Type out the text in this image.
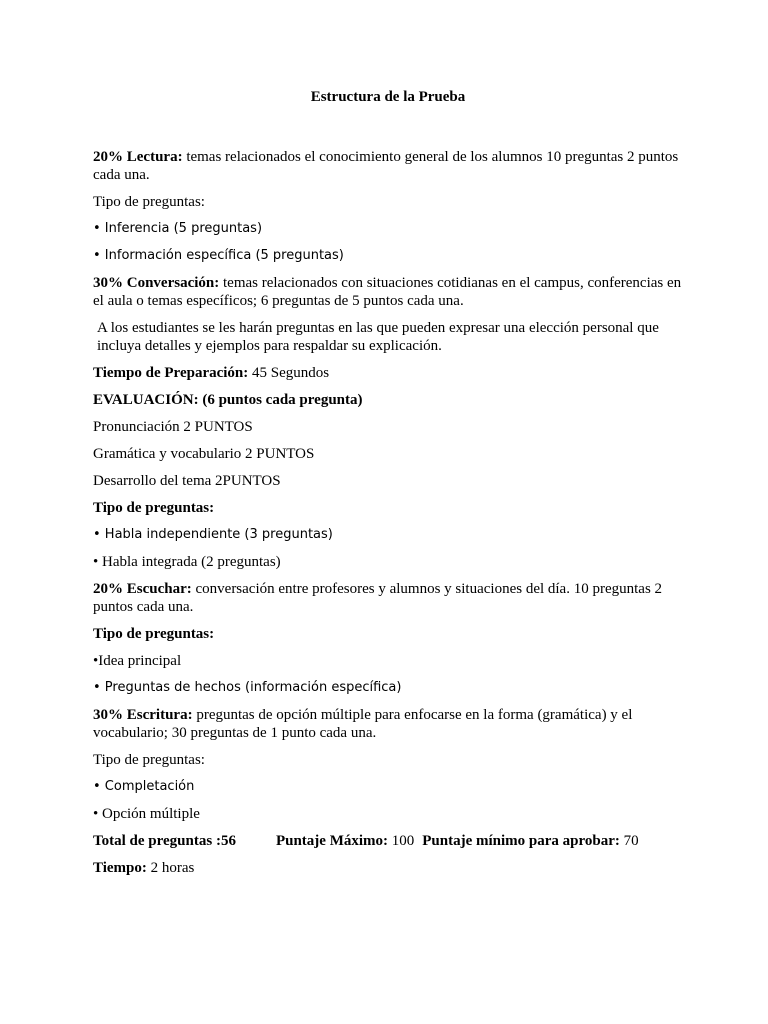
Estructura de la Prueba

20% Lectura: temas relacionados el conocimiento general de los alumnos 10 preguntas 2 puntos cada una.

Tipo de preguntas:

• Inferencia (5 preguntas)

• Información específica (5 preguntas)

30% Conversación: temas relacionados con situaciones cotidianas en el campus, conferencias en el aula o temas específicos; 6 preguntas de 5 puntos cada una.

A los estudiantes se les harán preguntas en las que pueden expresar una elección personal que incluya detalles y ejemplos para respaldar su explicación.

Tiempo de Preparación: 45 Segundos

EVALUACIÓN: (6 puntos cada pregunta)

Pronunciación 2 PUNTOS

Gramática y vocabulario 2 PUNTOS

Desarrollo del tema 2PUNTOS

Tipo de preguntas:

• Habla independiente (3 preguntas)

• Habla integrada (2 preguntas)

20% Escuchar: conversación entre profesores y alumnos y situaciones del día. 10 preguntas 2 puntos cada una.

Tipo de preguntas:

•Idea principal

• Preguntas de hechos (información específica)

30% Escritura: preguntas de opción múltiple para enfocarse en la forma (gramática) y el vocabulario; 30 preguntas de 1 punto cada una.

Tipo de preguntas:

• Completación

• Opción múltiple

Total de preguntas :56	Puntaje Máximo: 100 Puntaje mínimo para aprobar: 70

Tiempo: 2 horas
